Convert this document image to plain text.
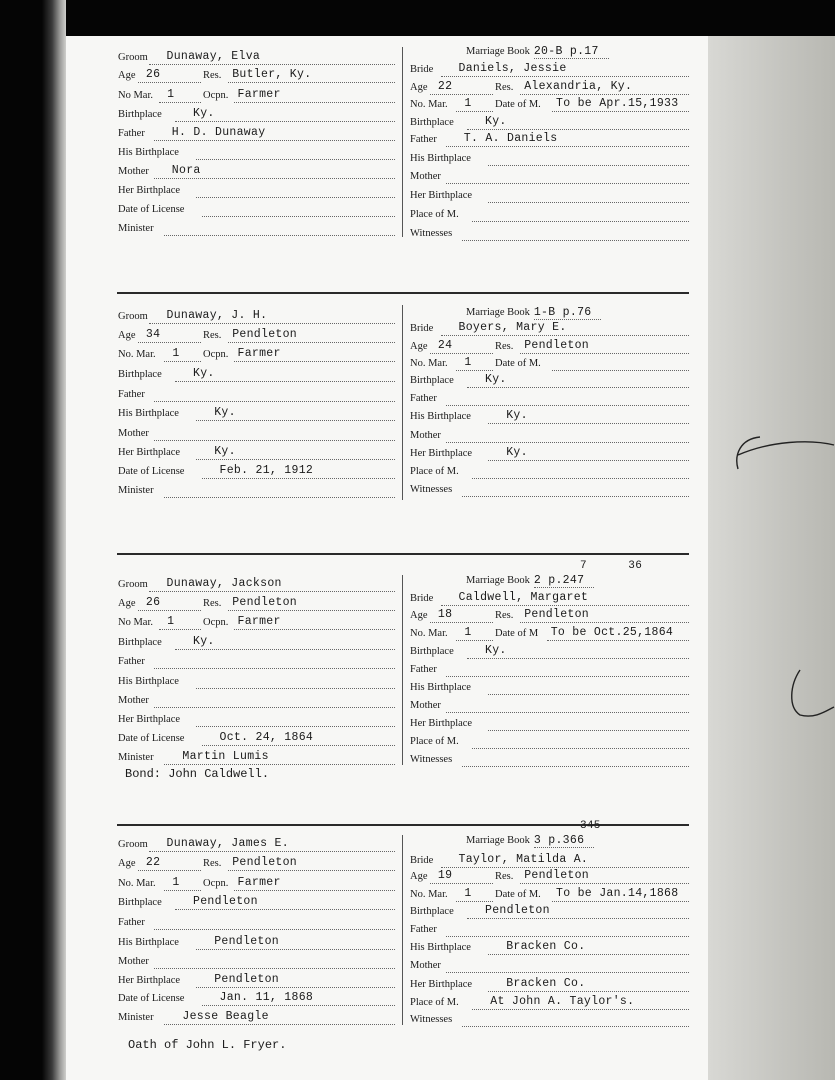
Groom Dunaway, Elva
Age 26	Res. Butler, Ky.
No Mar. 1	Ocpn. Farmer
Birthplace	Ky.
Father H. D. Dunaway
His Birthplace
Mother Nora
Her Birthplace
Date of License
Minister
Bride Daniels, Jessie
Age 22	Res. Alexandria, Ky.
No. Mar. 1 Date of M. To be Apr.15,1933
Birthplace	Ky.
Father T. A. Daniels
His Birthplace
Mother
Her Birthplace
Place of M.
Witnesses
Marriage Book 20-B p.17
Groom Dunaway, J. H.
Age 34	Res. Pendleton
No. Mar. 1 Ocpn. Farmer
Birthplace	Ky.
Father
His Birthplace	Ky.
Mother
Her Birthplace	Ky.
Date of License	Feb. 21, 1912
Minister
Bride Boyers, Mary E.
Age 24	Res. Pendleton
No. Mar. 1 Date of M.
Birthplace	Ky.
Father
His Birthplace	Ky.
Mother
Her Birthplace	Ky.
Place of M.
Witnesses
Marriage Book 1-B p.76
Groom Dunaway, Jackson
Age 26	Res. Pendleton
No Mar. 1	Ocpn. Farmer
Birthplace	Ky.
Father
His Birthplace
Mother
Her Birthplace
Date of License	Oct. 24, 1864
Minister	Martin Lumis
Bride Caldwell, Margaret
Age 18	Res. Pendleton
No. Mar. 1 Date of M To be Oct.25,1864
Birthplace	Ky.
Father
His Birthplace
Mother
Her Birthplace
Place of M.
Witnesses
Marriage Book 2 p.247
7      36
Bond: John Caldwell.
Groom Dunaway, James E.
Age 22	Res. Pendleton
No. Mar. 1 Ocpn. Farmer
Birthplace	Pendleton
Father
His Birthplace	Pendleton
Mother
Her Birthplace	Pendleton
Date of License	Jan. 11, 1868
Minister	Jesse Beagle
Bride Taylor, Matilda A.
Age 19	Res. Pendleton
No. Mar. 1 Date of M. To be Jan.14,1868
Birthplace	Pendleton
Father
His Birthplace	Bracken Co.
Mother
Her Birthplace	Bracken Co.
Place of M.	At John A. Taylor's.
Witnesses
Marriage Book 3 p.366
345
Oath of John L. Fryer.
